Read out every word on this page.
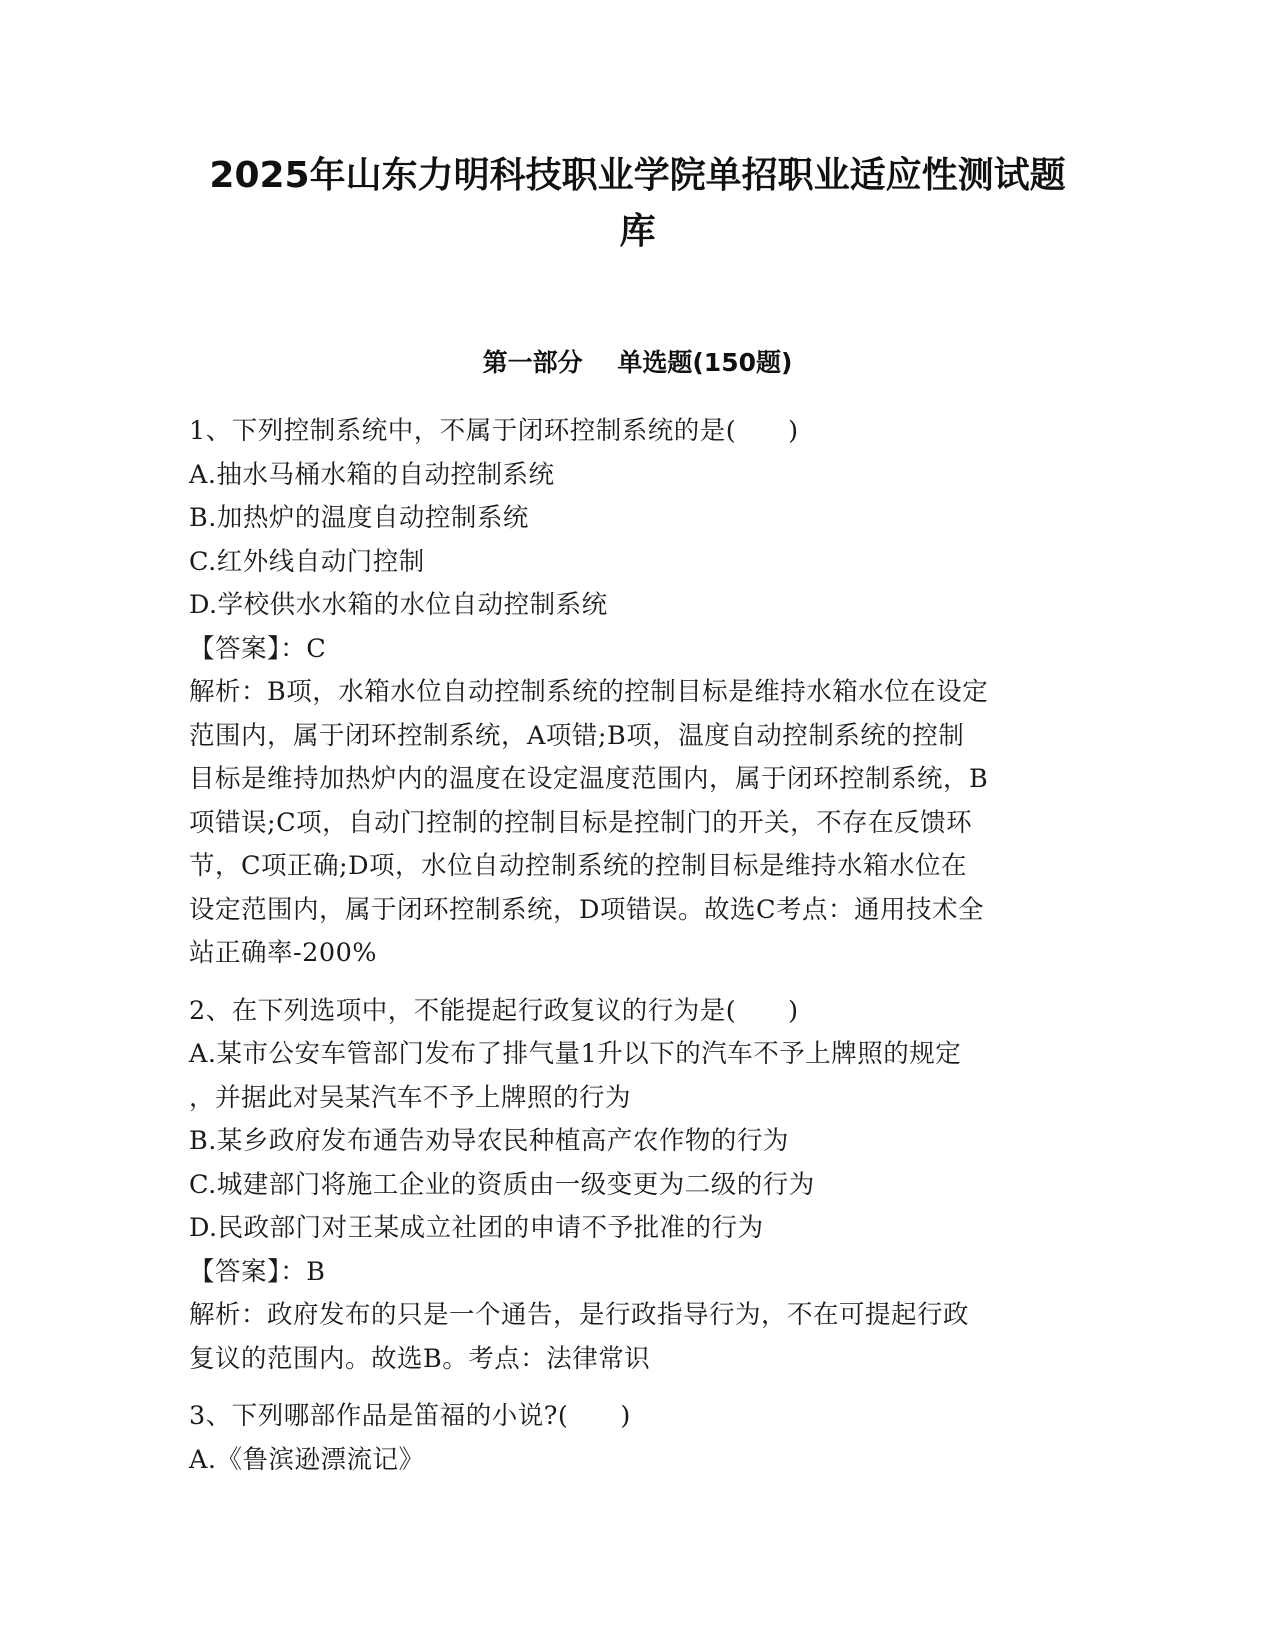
2025年山东力明科技职业学院单招职业适应性测试题
库
第一部分    单选题(150题)
1、下列控制系统中，不属于闭环控制系统的是(　　)
A.抽水马桶水箱的自动控制系统
B.加热炉的温度自动控制系统
C.红外线自动门控制
D.学校供水水箱的水位自动控制系统
【答案】：C
解析：B项，水箱水位自动控制系统的控制目标是维持水箱水位在设定
范围内，属于闭环控制系统，A项错;B项，温度自动控制系统的控制
目标是维持加热炉内的温度在设定温度范围内，属于闭环控制系统，B
项错误;C项，自动门控制的控制目标是控制门的开关，不存在反馈环
节，C项正确;D项，水位自动控制系统的控制目标是维持水箱水位在
设定范围内，属于闭环控制系统，D项错误。故选C考点：通用技术全
站正确率-200%
2、在下列选项中，不能提起行政复议的行为是(　　)
A.某市公安车管部门发布了排气量1升以下的汽车不予上牌照的规定
，并据此对吴某汽车不予上牌照的行为
B.某乡政府发布通告劝导农民种植高产农作物的行为
C.城建部门将施工企业的资质由一级变更为二级的行为
D.民政部门对王某成立社团的申请不予批准的行为
【答案】：B
解析：政府发布的只是一个通告，是行政指导行为，不在可提起行政
复议的范围内。故选B。考点：法律常识
3、下列哪部作品是笛福的小说?(　　)
A.《鲁滨逊漂流记》
